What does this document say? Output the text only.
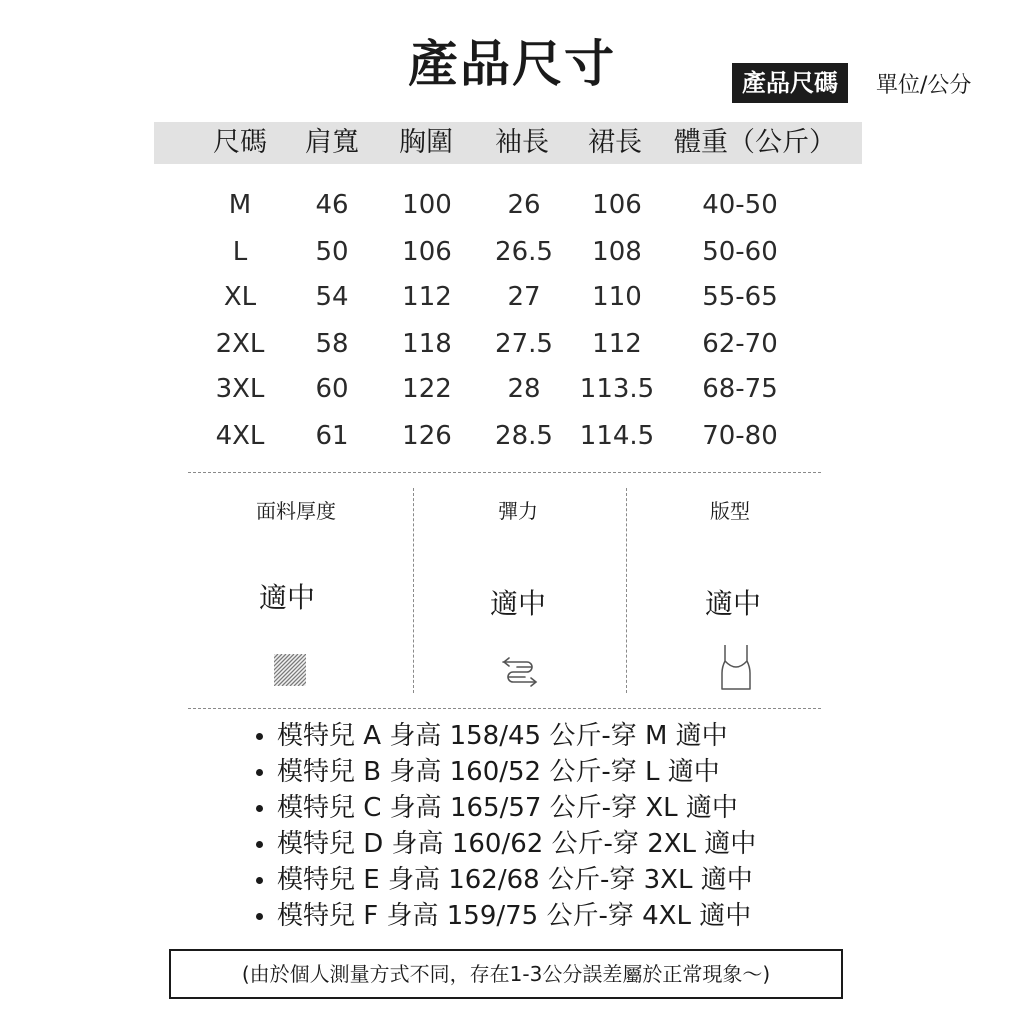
產品尺寸	產品尺碼	單位/公分
尺碼 肩寬 胸圍 袖長 裙長 體重（公斤）
M 46 100 26 106 40-50
L	50 106 26.5 108 50-60
XL 54 112 27 110 55-65
2XL 58 118 27.5 112 62-70
3XL 60 122 28 113.5 68-75
4XL 61 126 28.5 114.5 70-80
面料厚度	彈力	版型
適中	適中	適中
模特兒 A 身高 158/45 公斤-穿 M 適中
模特兒 B 身高 160/52 公斤-穿 L 適中
模特兒 C 身高 165/57 公斤-穿 XL 適中
模特兒 D 身高 160/62 公斤-穿 2XL 適中
模特兒 E 身高 162/68 公斤-穿 3XL 適中
模特兒 F 身高 159/75 公斤-穿 4XL 適中
(由於個人測量方式不同，存在1-3公分誤差屬於正常現象～)
